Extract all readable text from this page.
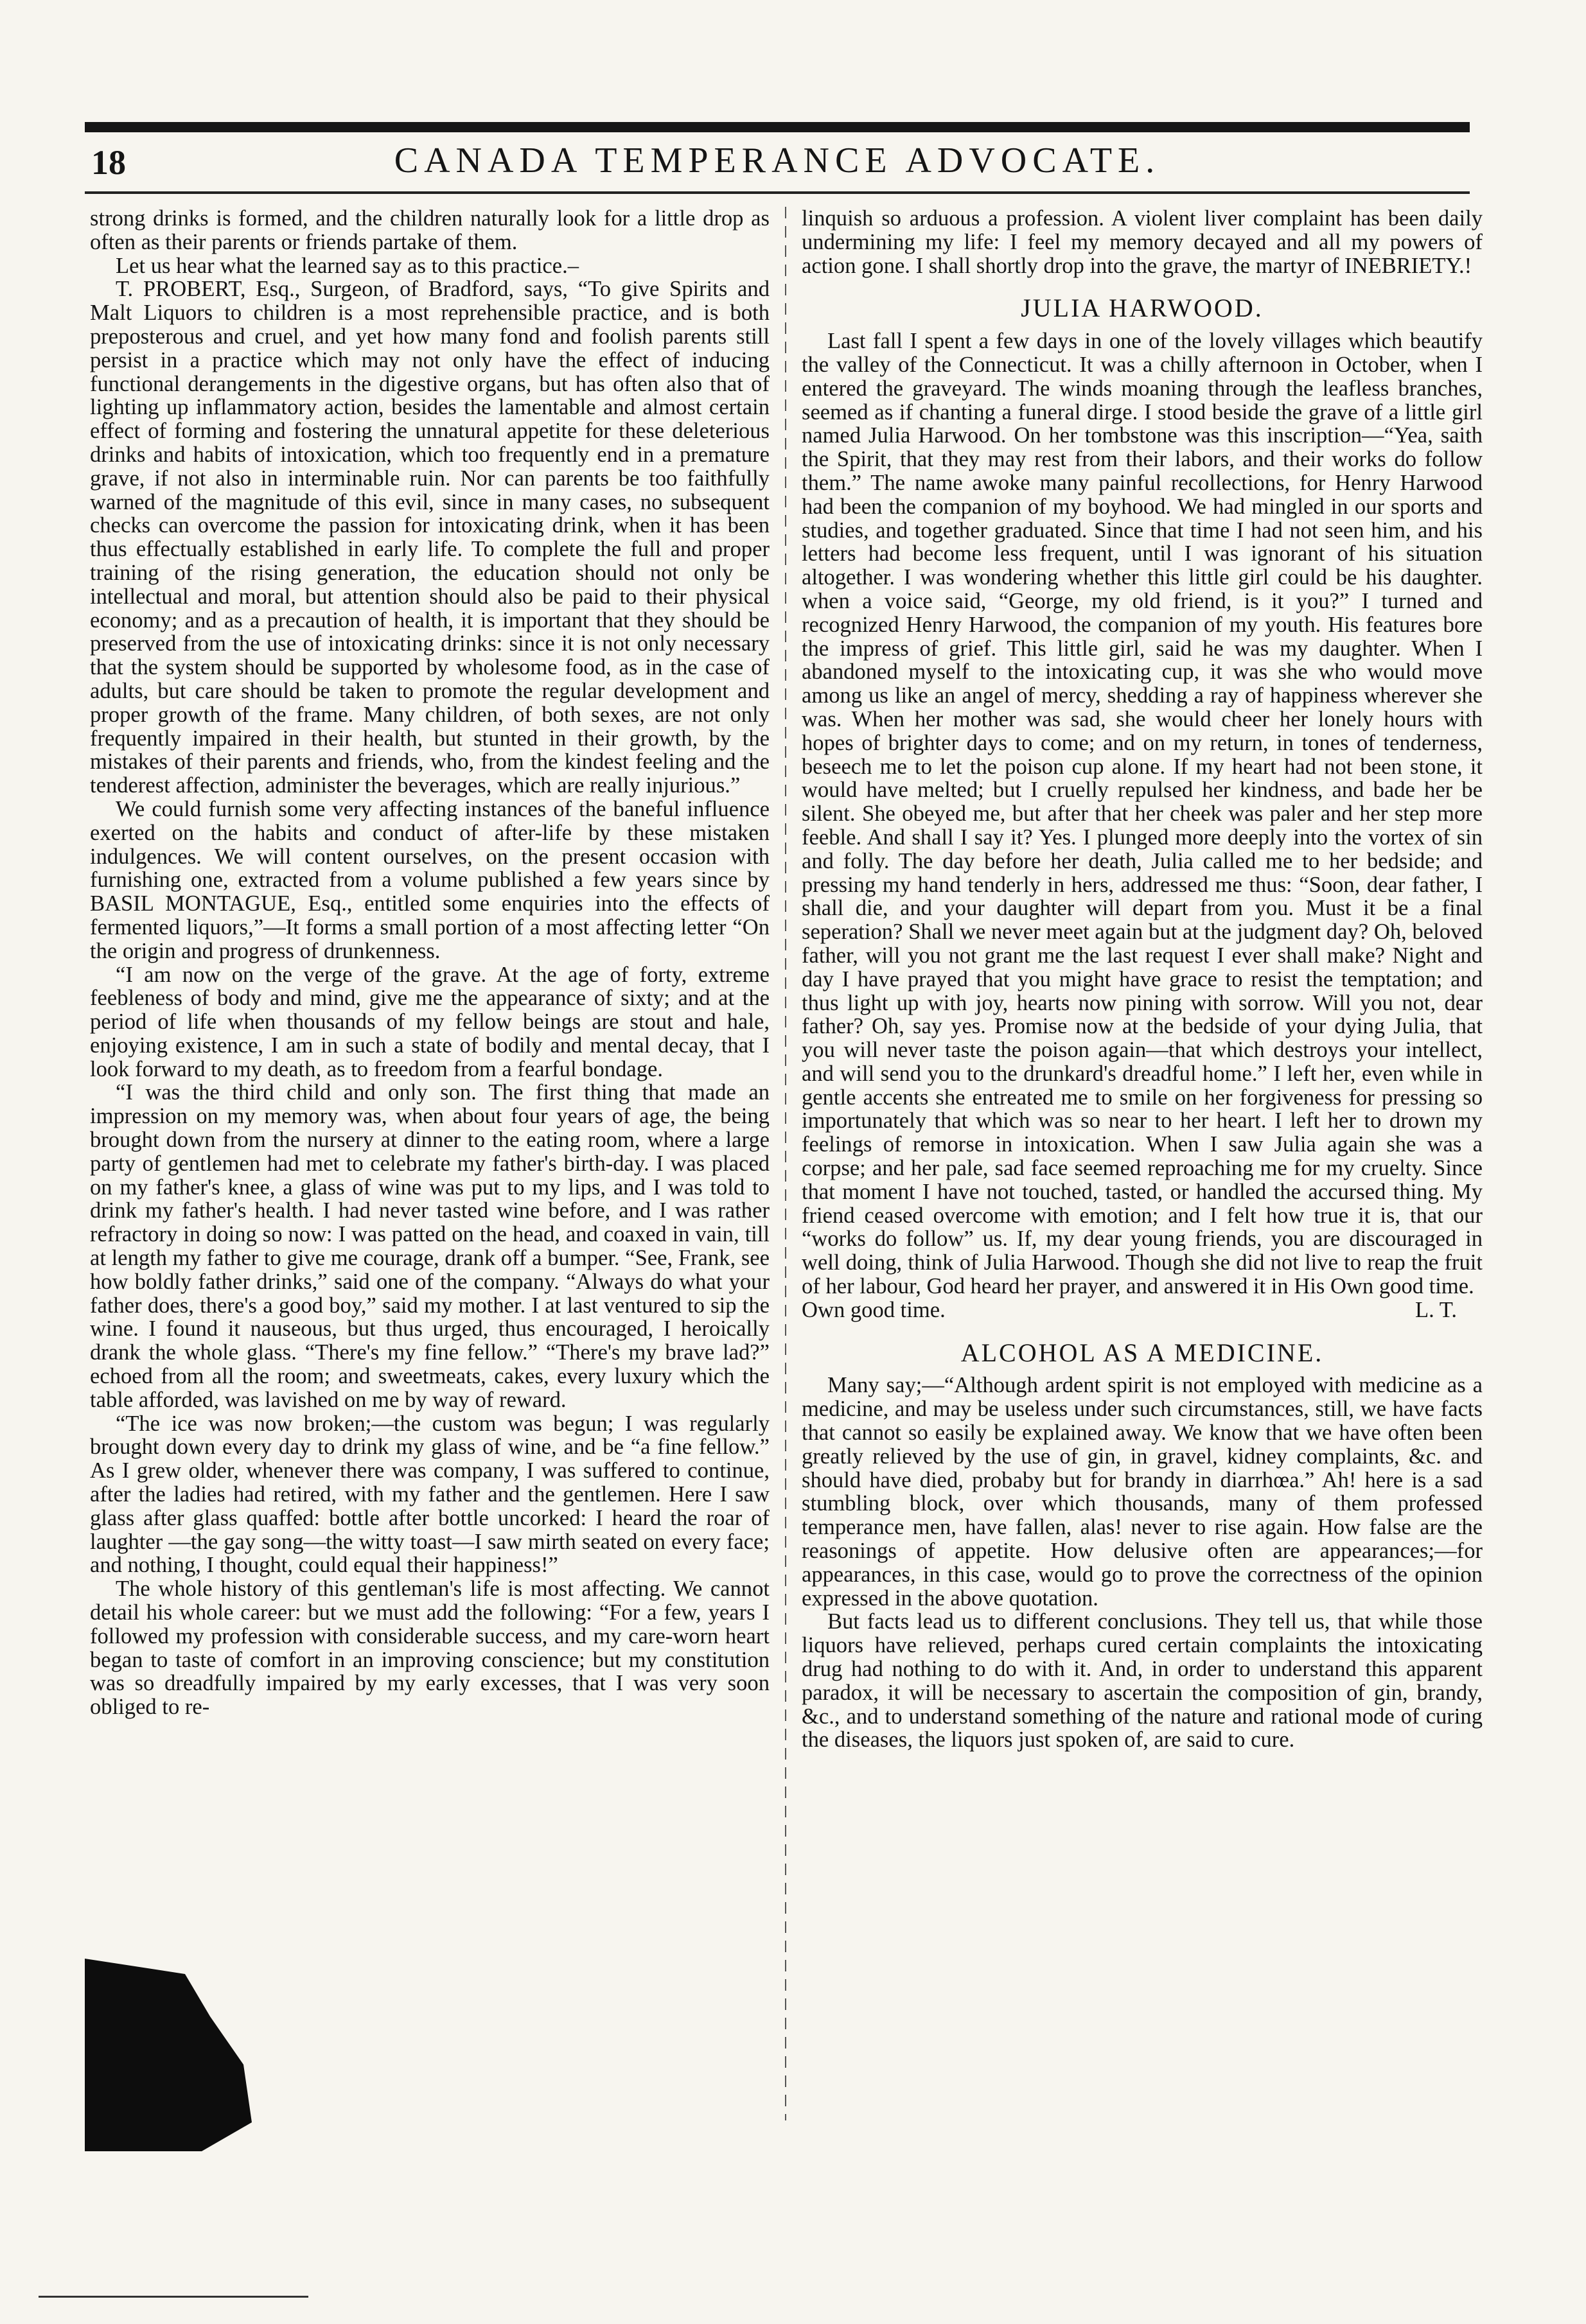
18	CANADA TEMPERANCE ADVOCATE.

strong drinks is formed, and the children naturally look for a little drop as often as their parents or friends partake of them.

Let us hear what the learned say as to this practice.–

T. PROBERT, Esq., Surgeon, of Bradford, says, “To give Spirits and Malt Liquors to children is a most reprehensible practice, and is both preposterous and cruel, and yet how many fond and foolish parents still persist in a practice which may not only have the effect of inducing functional derangements in the digestive organs, but has often also that of lighting up inflammatory action, besides the lamentable and almost certain effect of forming and fostering the unnatural appetite for these deleterious drinks and habits of intoxication, which too frequently end in a premature grave, if not also in interminable ruin. Nor can parents be too faithfully warned of the magnitude of this evil, since in many cases, no subsequent checks can overcome the passion for intoxicating drink, when it has been thus effectually established in early life. To complete the full and proper training of the rising generation, the education should not only be intellectual and moral, but attention should also be paid to their physical economy; and as a precaution of health, it is important that they should be preserved from the use of intoxicating drinks: since it is not only necessary that the system should be supported by wholesome food, as in the case of adults, but care should be taken to promote the regular development and proper growth of the frame. Many children, of both sexes, are not only frequently impaired in their health, but stunted in their growth, by the mistakes of their parents and friends, who, from the kindest feeling and the tenderest affection, administer the beverages, which are really injurious.”

We could furnish some very affecting instances of the baneful influence exerted on the habits and conduct of after-life by these mistaken indulgences. We will content ourselves, on the present occasion with furnishing one, extracted from a volume published a few years since by BASIL MONTAGUE, Esq., entitled some enquiries into the effects of fermented liquors,”—It forms a small portion of a most affecting letter “On the origin and progress of drunkenness.

“I am now on the verge of the grave. At the age of forty, extreme feebleness of body and mind, give me the appearance of sixty; and at the period of life when thousands of my fellow beings are stout and hale, enjoying existence, I am in such a state of bodily and mental decay, that I look forward to my death, as to freedom from a fearful bondage.

“I was the third child and only son. The first thing that made an impression on my memory was, when about four years of age, the being brought down from the nursery at dinner to the eating room, where a large party of gentlemen had met to celebrate my father's birth-day. I was placed on my father's knee, a glass of wine was put to my lips, and I was told to drink my father's health. I had never tasted wine before, and I was rather refractory in doing so now: I was patted on the head, and coaxed in vain, till at length my father to give me courage, drank off a bumper. “See, Frank, see how boldly father drinks,” said one of the company. “Always do what your father does, there's a good boy,” said my mother. I at last ventured to sip the wine. I found it nauseous, but thus urged, thus encouraged, I heroically drank the whole glass. “There's my fine fellow.” “There's my brave lad?” echoed from all the room; and sweetmeats, cakes, every luxury which the table afforded, was lavished on me by way of reward.

“The ice was now broken;—the custom was begun; I was regularly brought down every day to drink my glass of wine, and be “a fine fellow.” As I grew older, whenever there was company, I was suffered to continue, after the ladies had retired, with my father and the gentlemen. Here I saw glass after glass quaffed: bottle after bottle uncorked: I heard the roar of laughter —the gay song—the witty toast—I saw mirth seated on every face; and nothing, I thought, could equal their happiness!”

The whole history of this gentleman's life is most affecting. We cannot detail his whole career: but we must add the following: “For a few, years I followed my profession with considerable success, and my care-worn heart began to taste of comfort in an improving conscience; but my constitution was so dreadfully impaired by my early excesses, that I was very soon obliged to re-

linquish so arduous a profession. A violent liver complaint has been daily undermining my life: I feel my memory decayed and all my powers of action gone. I shall shortly drop into the grave, the martyr of INEBRIETY.!

JULIA HARWOOD.

Last fall I spent a few days in one of the lovely villages which beautify the valley of the Connecticut. It was a chilly afternoon in October, when I entered the graveyard. The winds moaning through the leafless branches, seemed as if chanting a funeral dirge. I stood beside the grave of a little girl named Julia Harwood. On her tombstone was this inscription—“Yea, saith the Spirit, that they may rest from their labors, and their works do follow them.” The name awoke many painful recollections, for Henry Harwood had been the companion of my boyhood. We had mingled in our sports and studies, and together graduated. Since that time I had not seen him, and his letters had become less frequent, until I was ignorant of his situation altogether. I was wondering whether this little girl could be his daughter. when a voice said, “George, my old friend, is it you?” I turned and recognized Henry Harwood, the companion of my youth. His features bore the impress of grief. This little girl, said he was my daughter. When I abandoned myself to the intoxicating cup, it was she who would move among us like an angel of mercy, shedding a ray of happiness wherever she was. When her mother was sad, she would cheer her lonely hours with hopes of brighter days to come; and on my return, in tones of tenderness, beseech me to let the poison cup alone. If my heart had not been stone, it would have melted; but I cruelly repulsed her kindness, and bade her be silent. She obeyed me, but after that her cheek was paler and her step more feeble. And shall I say it? Yes. I plunged more deeply into the vortex of sin and folly. The day before her death, Julia called me to her bedside; and pressing my hand tenderly in hers, addressed me thus: “Soon, dear father, I shall die, and your daughter will depart from you. Must it be a final seperation? Shall we never meet again but at the judgment day? Oh, beloved father, will you not grant me the last request I ever shall make? Night and day I have prayed that you might have grace to resist the temptation; and thus light up with joy, hearts now pining with sorrow. Will you not, dear father? Oh, say yes. Promise now at the bedside of your dying Julia, that you will never taste the poison again—that which destroys your intellect, and will send you to the drunkard's dreadful home.” I left her, even while in gentle accents she entreated me to smile on her forgiveness for pressing so importunately that which was so near to her heart. I left her to drown my feelings of remorse in intoxication. When I saw Julia again she was a corpse; and her pale, sad face seemed reproaching me for my cruelty. Since that moment I have not touched, tasted, or handled the accursed thing. My friend ceased overcome with emotion; and I felt how true it is, that our “works do follow” us. If, my dear young friends, you are discouraged in well doing, think of Julia Harwood. Though she did not live to reap the fruit of her labour, God heard her prayer, and answered it in His Own good time.

Own good time.	L. T.

ALCOHOL AS A MEDICINE.

Many say;—“Although ardent spirit is not employed with medicine as a medicine, and may be useless under such circumstances, still, we have facts that cannot so easily be explained away. We know that we have often been greatly relieved by the use of gin, in gravel, kidney complaints, &c. and should have died, probaby but for brandy in diarrhœa.” Ah! here is a sad stumbling block, over which thousands, many of them professed temperance men, have fallen, alas! never to rise again. How false are the reasonings of appetite. How delusive often are appearances;—for appearances, in this case, would go to prove the correctness of the opinion expressed in the above quotation.

But facts lead us to different conclusions. They tell us, that while those liquors have relieved, perhaps cured certain complaints the intoxicating drug had nothing to do with it. And, in order to understand this apparent paradox, it will be necessary to ascertain the composition of gin, brandy, &c., and to understand something of the nature and rational mode of curing the diseases, the liquors just spoken of, are said to cure.
